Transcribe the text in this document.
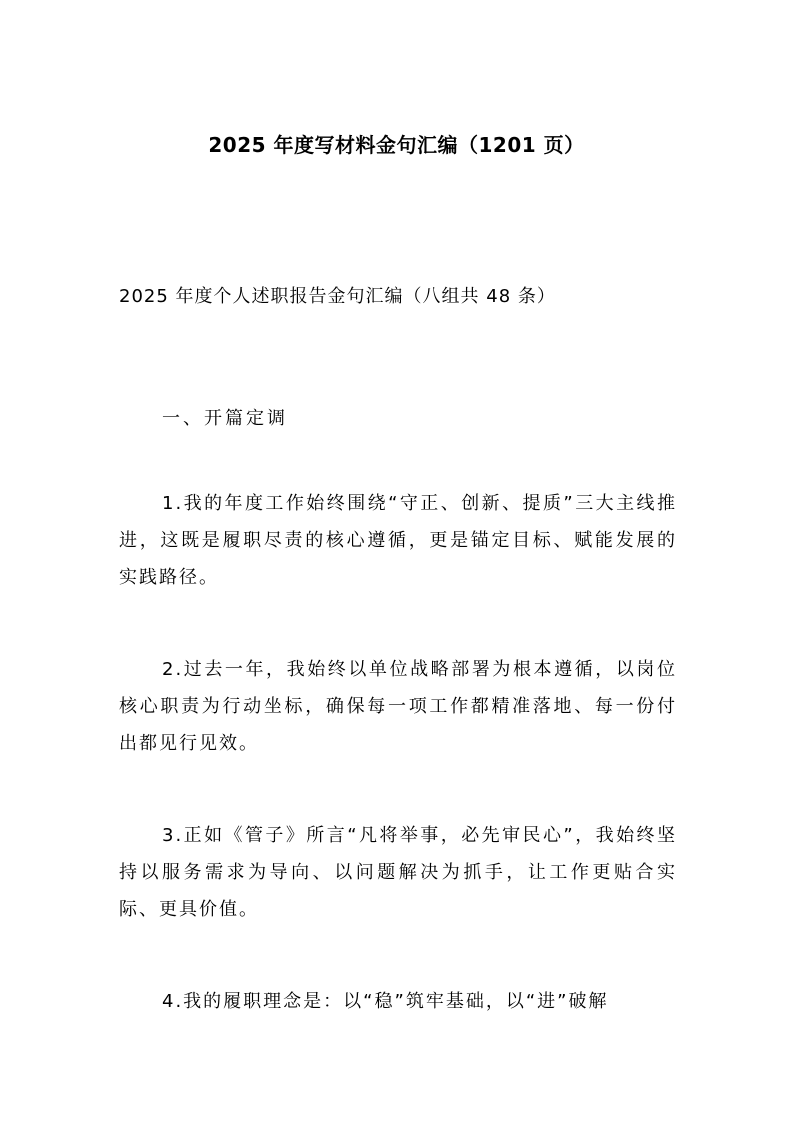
2025 年度写材料金句汇编（1201 页）
2025 年度个人述职报告金句汇编（八组共 48 条）
一、开篇定调

1.我的年度工作始终围绕“守正、创新、提质”三大主线推进，这既是履职尽责的核心遵循，更是锚定目标、赋能发展的实践路径。

2.过去一年，我始终以单位战略部署为根本遵循，以岗位核心职责为行动坐标，确保每一项工作都精准落地、每一份付出都见行见效。

3.正如《管子》所言“凡将举事，必先审民心”，我始终坚持以服务需求为导向、以问题解决为抓手，让工作更贴合实际、更具价值。

4.我的履职理念是：以“稳”筑牢基础，以“进”破解
